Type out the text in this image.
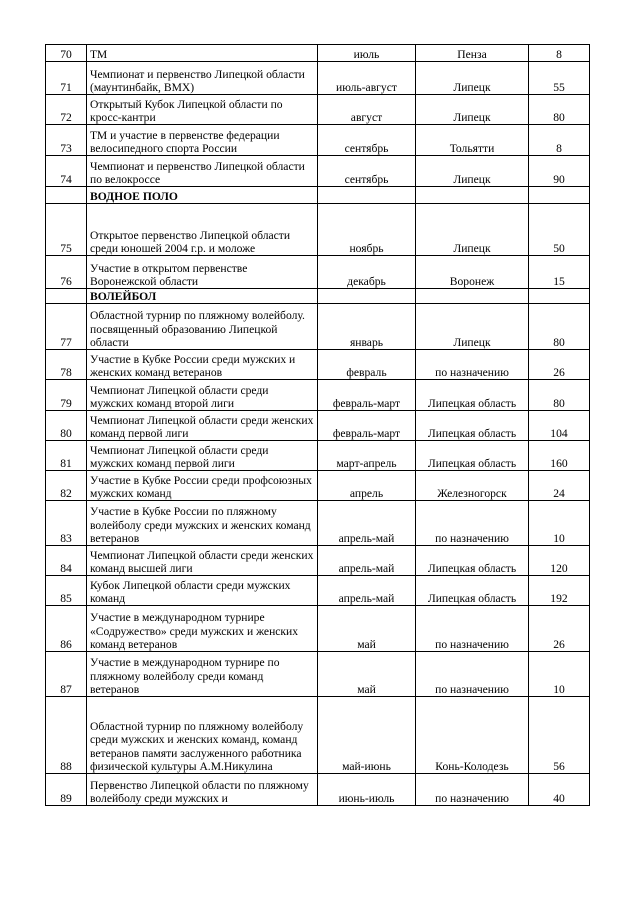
70	ТМ	июль	Пенза	8
71	Чемпионат и первенство Липецкой области (маунтинбайк, BMX)	июль-август	Липецк	55
72	Открытый Кубок Липецкой области по кросс-кантри	август	Липецк	80
73	ТМ и участие в первенстве федерации велосипедного спорта России	сентябрь	Тольятти	8
74	Чемпионат и первенство Липецкой области по велокроссе	сентябрь	Липецк	90
	ВОДНОЕ ПОЛО			
75	Открытое первенство Липецкой области среди юношей 2004 г.р. и моложе	ноябрь	Липецк	50
76	Участие в открытом первенстве Воронежской области	декабрь	Воронеж	15
	ВОЛЕЙБОЛ			
77	Областной турнир по пляжному волейболу. посвященный образованию Липецкой области	январь	Липецк	80
78	Участие в Кубке России среди мужских и женских команд ветеранов	февраль	по назначению	26
79	Чемпионат Липецкой области среди мужских команд второй лиги	февраль-март	Липецкая область	80
80	Чемпионат Липецкой области среди женских команд первой лиги	февраль-март	Липецкая область	104
81	Чемпионат Липецкой области среди мужских команд первой лиги	март-апрель	Липецкая область	160
82	Участие в Кубке России среди профсоюзных мужских команд	апрель	Железногорск	24
83	Участие в Кубке России по пляжному волейболу среди мужских и женских команд ветеранов	апрель-май	по назначению	10
84	Чемпионат Липецкой области среди женских команд высшей лиги	апрель-май	Липецкая область	120
85	Кубок Липецкой области среди мужских команд	апрель-май	Липецкая область	192
86	Участие в международном турнире «Содружество» среди мужских и женских команд ветеранов	май	по назначению	26
87	Участие в международном турнире по пляжному волейболу среди команд ветеранов	май	по назначению	10
88	Областной турнир по пляжному волейболу среди мужских и женских команд, команд ветеранов памяти заслуженного работника физической культуры А.М.Никулина	май-июнь	Конь-Колодезь	56
89	Первенство Липецкой области по пляжному волейболу среди мужских и	июнь-июль	по назначению	40
